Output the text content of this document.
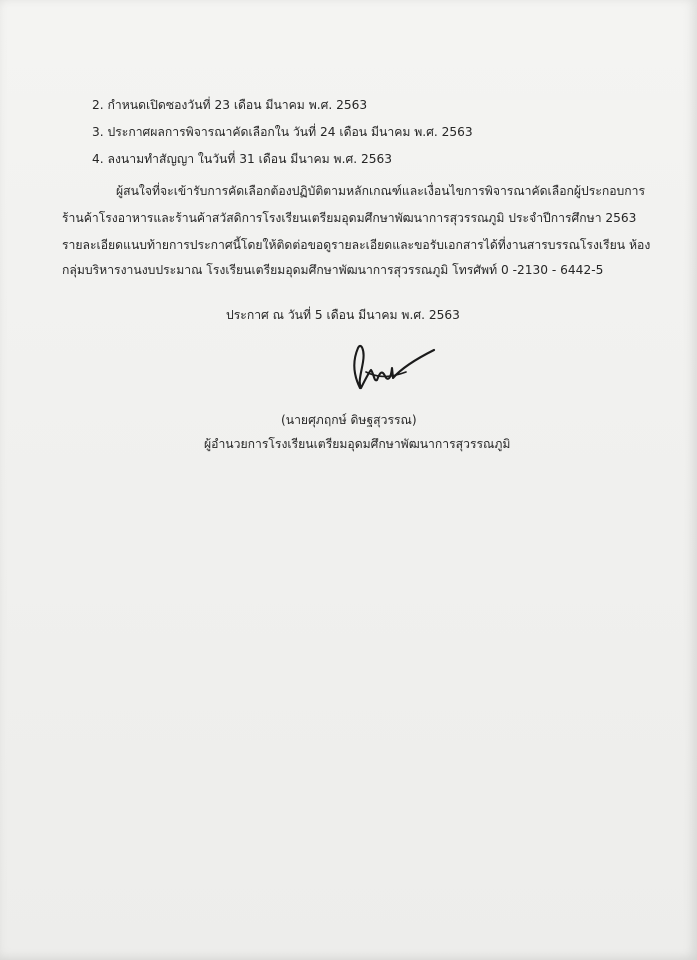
2. กำหนดเปิดซองวันที่ 23 เดือน มีนาคม พ.ศ. 2563
3. ประกาศผลการพิจารณาคัดเลือกใน วันที่ 24 เดือน มีนาคม พ.ศ. 2563
4. ลงนามทำสัญญา ในวันที่ 31 เดือน มีนาคม พ.ศ. 2563
ผู้สนใจที่จะเข้ารับการคัดเลือกต้องปฏิบัติตามหลักเกณฑ์และเงื่อนไขการพิจารณาคัดเลือกผู้ประกอบการ
ร้านค้าโรงอาหารและร้านค้าสวัสดิการโรงเรียนเตรียมอุดมศึกษาพัฒนาการสุวรรณภูมิ ประจำปีการศึกษา 2563
รายละเอียดแนบท้ายการประกาศนี้โดยให้ติดต่อขอดูรายละเอียดและขอรับเอกสารได้ที่งานสารบรรณโรงเรียน ห้อง
กลุ่มบริหารงานงบประมาณ โรงเรียนเตรียมอุดมศึกษาพัฒนาการสุวรรณภูมิ โทรศัพท์ 0 -2130 - 6442-5
ประกาศ ณ วันที่ 5 เดือน มีนาคม พ.ศ. 2563
(นายศุภฤกษ์ ดิษฐสุวรรณ)
ผู้อำนวยการโรงเรียนเตรียมอุดมศึกษาพัฒนาการสุวรรณภูมิ
